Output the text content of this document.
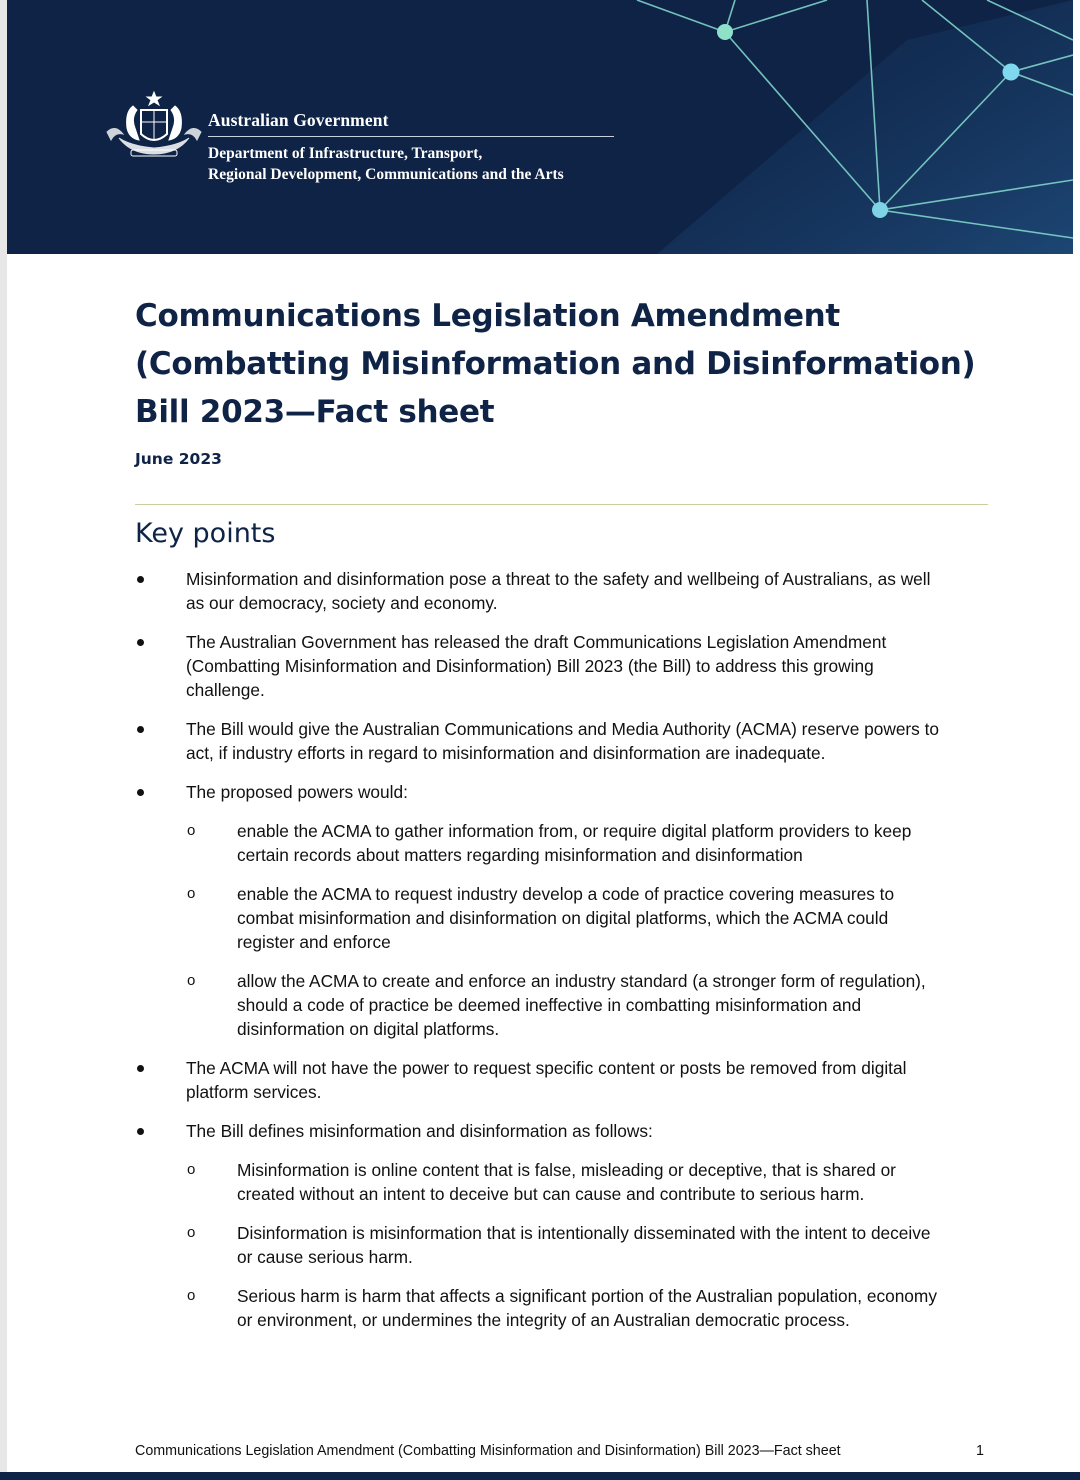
Australian Government
Department of Infrastructure, Transport,
Regional Development, Communications and the Arts
Communications Legislation Amendment
(Combatting Misinformation and Disinformation)
Bill 2023—Fact sheet
June 2023
Key points
Misinformation and disinformation pose a threat to the safety and wellbeing of Australians, as well
as our democracy, society and economy.
The Australian Government has released the draft Communications Legislation Amendment
(Combatting Misinformation and Disinformation) Bill 2023 (the Bill) to address this growing
challenge.
The Bill would give the Australian Communications and Media Authority (ACMA) reserve powers to
act, if industry efforts in regard to misinformation and disinformation are inadequate.
The proposed powers would:
o enable the ACMA to gather information from, or require digital platform providers to keep
certain records about matters regarding misinformation and disinformation
o enable the ACMA to request industry develop a code of practice covering measures to
combat misinformation and disinformation on digital platforms, which the ACMA could
register and enforce
o allow the ACMA to create and enforce an industry standard (a stronger form of regulation),
should a code of practice be deemed ineffective in combatting misinformation and
disinformation on digital platforms.
The ACMA will not have the power to request specific content or posts be removed from digital
platform services.
The Bill defines misinformation and disinformation as follows:
o Misinformation is online content that is false, misleading or deceptive, that is shared or
created without an intent to deceive but can cause and contribute to serious harm.
o Disinformation is misinformation that is intentionally disseminated with the intent to deceive
or cause serious harm.
o Serious harm is harm that affects a significant portion of the Australian population, economy
or environment, or undermines the integrity of an Australian democratic process.
Communications Legislation Amendment (Combatting Misinformation and Disinformation) Bill 2023—Fact sheet	1
